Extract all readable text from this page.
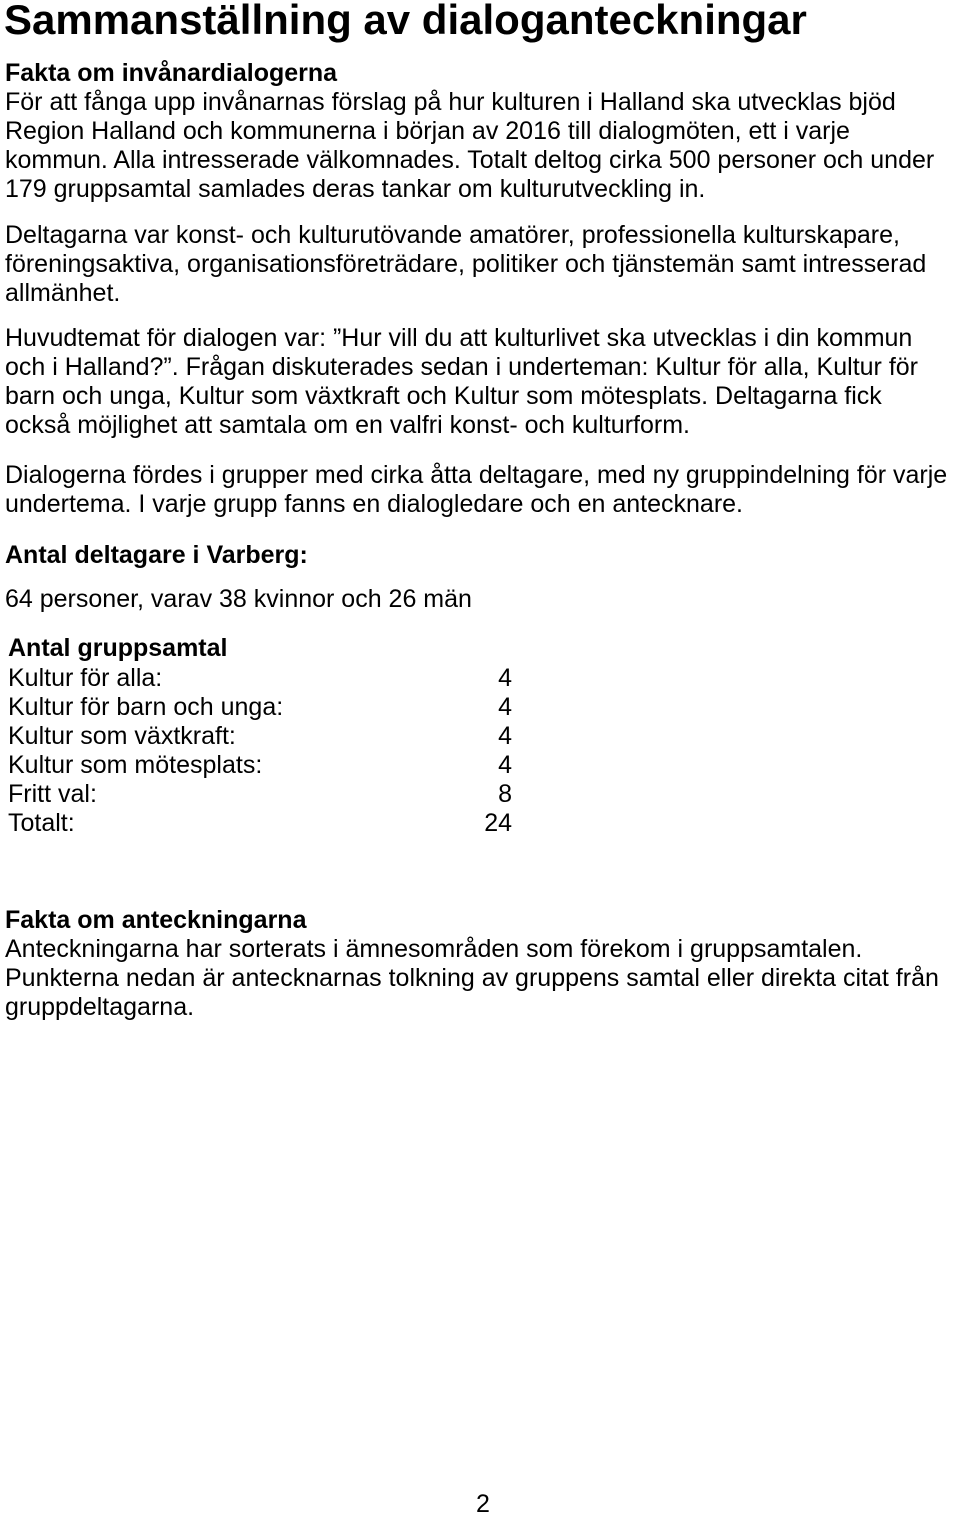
Sammanställning av dialoganteckningar
Fakta om invånardialogerna
För att fånga upp invånarnas förslag på hur kulturen i Halland ska utvecklas bjöd
Region Halland och kommunerna i början av 2016 till dialogmöten, ett i varje
kommun. Alla intresserade välkomnades. Totalt deltog cirka 500 personer och under
179 gruppsamtal samlades deras tankar om kulturutveckling in.
Deltagarna var konst- och kulturutövande amatörer, professionella kulturskapare,
föreningsaktiva, organisationsföreträdare, politiker och tjänstemän samt intresserad
allmänhet.
Huvudtemat för dialogen var: ”Hur vill du att kulturlivet ska utvecklas i din kommun
och i Halland?”. Frågan diskuterades sedan i underteman: Kultur för alla, Kultur för
barn och unga, Kultur som växtkraft och Kultur som mötesplats. Deltagarna fick
också möjlighet att samtala om en valfri konst- och kulturform.
Dialogerna fördes i grupper med cirka åtta deltagare, med ny gruppindelning för varje
undertema. I varje grupp fanns en dialogledare och en antecknare.
Antal deltagare i Varberg:
64 personer, varav 38 kvinnor och 26 män
Antal gruppsamtal
Kultur för alla:	4
Kultur för barn och unga:	4
Kultur som växtkraft:	4
Kultur som mötesplats:	4
Fritt val:	8
Totalt:	24
Fakta om anteckningarna
Anteckningarna har sorterats i ämnesområden som förekom i gruppsamtalen.
Punkterna nedan är antecknarnas tolkning av gruppens samtal eller direkta citat från
gruppdeltagarna.
2
